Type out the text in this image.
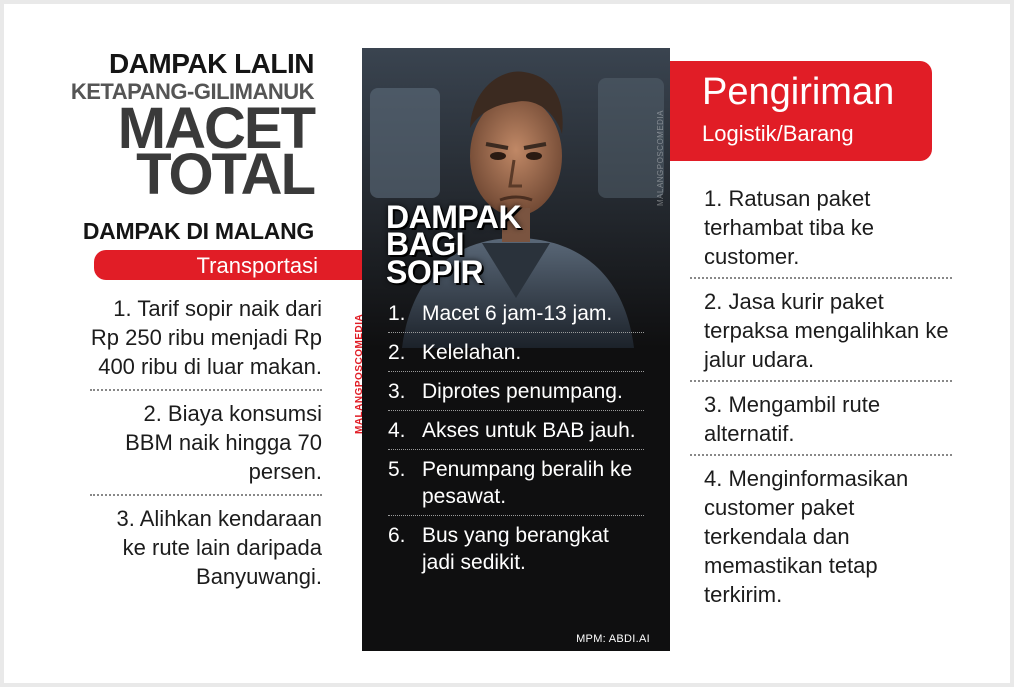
DAMPAK LALIN
KETAPANG-GILIMANUK
MACET
TOTAL
DAMPAK DI MALANG
Transportasi
1. Tarif sopir naik dari Rp 250 ribu menjadi Rp 400 ribu di luar makan.
2. Biaya konsumsi BBM naik hingga 70 persen.
3. Alihkan kendaraan ke rute lain daripada Banyuwangi.
DAMPAK
BAGI
SOPIR
1. Macet 6 jam-13 jam.
2. Kelelahan.
3. Diprotes penumpang.
4. Akses untuk BAB jauh.
5. Penumpang beralih ke pesawat.
6. Bus yang berangkat jadi sedikit.
MPM: ABDI.AI
MALANGPOSCOMEDIA
MALANGPOSCOMEDIA
Pengiriman
Logistik/Barang
1. Ratusan paket terhambat tiba ke customer.
2. Jasa kurir paket terpaksa mengalihkan ke jalur udara.
3. Mengambil rute alternatif.
4. Menginformasikan customer paket terkendala dan memastikan tetap terkirim.
